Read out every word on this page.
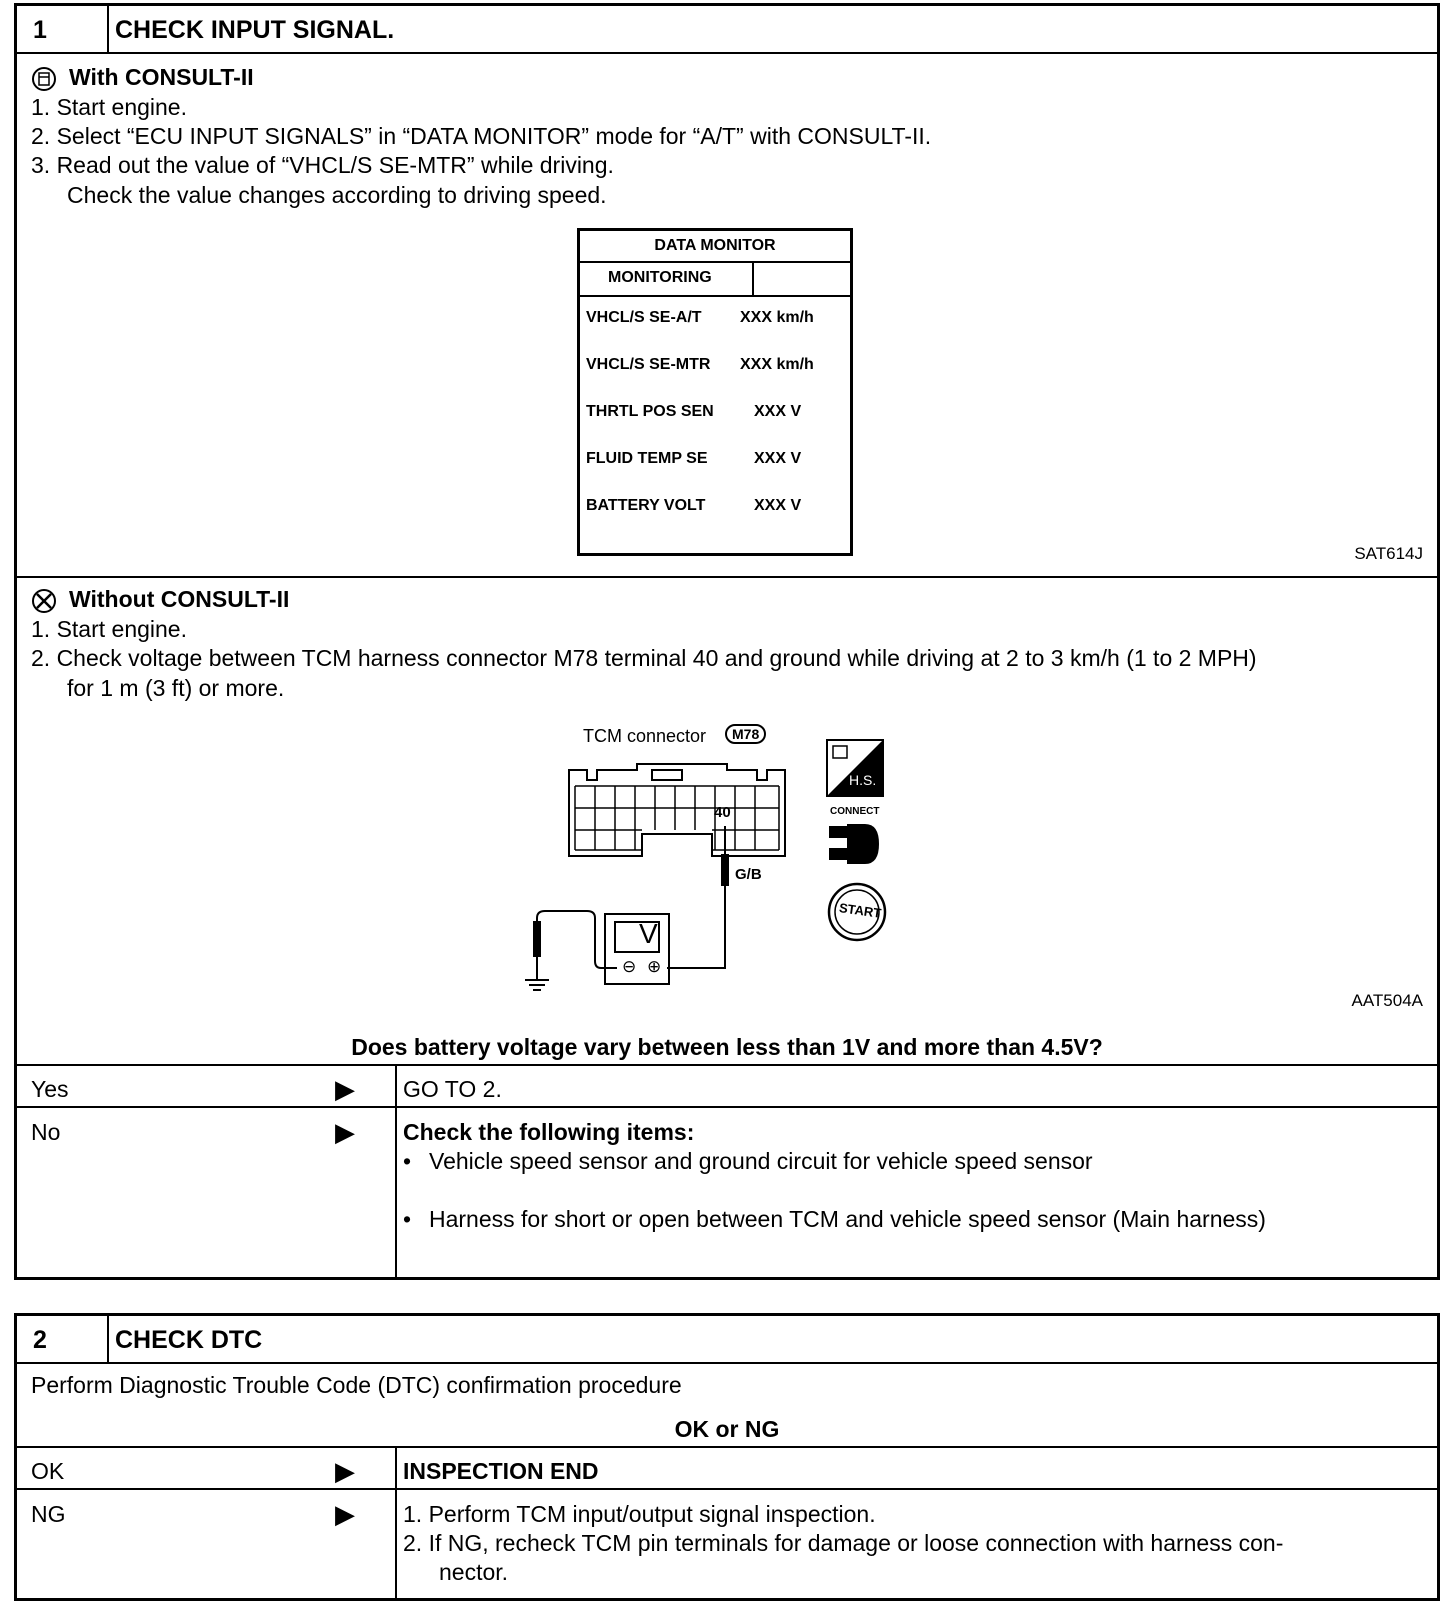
1	CHECK INPUT SIGNAL.
With CONSULT-II
1. Start engine.
2. Select “ECU INPUT SIGNALS” in “DATA MONITOR” mode for “A/T” with CONSULT-II.
3. Read out the value of “VHCL/S SE-MTR” while driving.
Check the value changes according to driving speed.
DATA MONITOR
MONITORING
VHCL/S SE-A/T XXX km/h
VHCL/S SE-MTR XXX km/h
THRTL POS SEN	XXX V
FLUID TEMP SE	XXX V
BATTERY VOLT	XXX V
SAT614J
Without CONSULT-II
1. Start engine.
2. Check voltage between TCM harness connector M78 terminal 40 and ground while driving at 2 to 3 km/h (1 to 2 MPH)
for 1 m (3 ft) or more.
TCM connector	M78
40
G/B
V
⊖ ⊕
H.S.
CONNECT
START
AAT504A
Does battery voltage vary between less than 1V and more than 4.5V?
Yes	▶ GO TO 2.
No	▶ Check the following items:
• Vehicle speed sensor and ground circuit for vehicle speed sensor
• Harness for short or open between TCM and vehicle speed sensor (Main harness)
2	CHECK DTC
Perform Diagnostic Trouble Code (DTC) confirmation procedure
OK or NG
OK	▶ INSPECTION END
NG	▶ 1. Perform TCM input/output signal inspection.
2. If NG, recheck TCM pin terminals for damage or loose connection with harness con-
nector.
